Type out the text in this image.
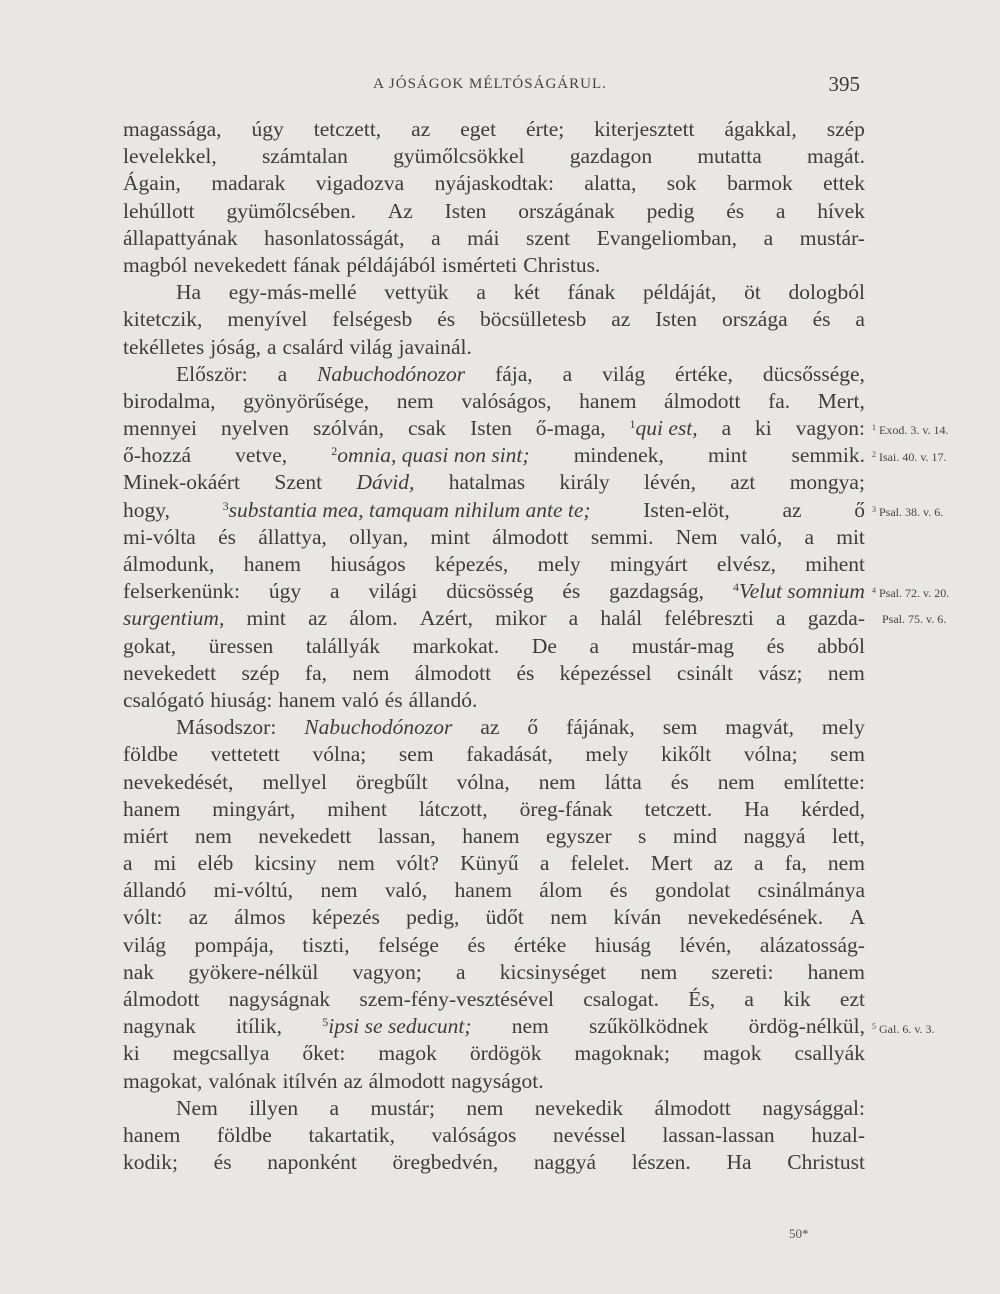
A JÓSÁGOK MÉLTÓSÁGÁRUL.	395
magassága, úgy tetczett, az eget érte; kiterjesztett ágakkal, szép
levelekkel, számtalan gyümőlcsökkel gazdagon mutatta magát.
Ágain, madarak vigadozva nyájaskodtak: alatta, sok barmok ettek
lehúllott gyümőlcsében. Az Isten országának pedig és a hívek
állapattyának hasonlatosságát, a mái szent Evangeliomban, a mustár-
magból nevekedett fának példájából ismérteti Christus.
Ha egy-más-mellé vettyük a két fának példáját, öt dologból
kitetczik, menyível felségesb és böcsülletesb az Isten országa és a
tekélletes jóság, a csalárd világ javainál.
Először: a Nabuchodónozor fája, a világ értéke, dücsőssége,
birodalma, gyönyörűsége, nem valóságos, hanem álmodott fa. Mert,
mennyei nyelven szólván, csak Isten ő-maga, $^1$qui est, a ki vagyon:
ő-hozzá vetve,	$^2$omnia, quasi non sint; mindenek, mint semmik.
Minek-okáért Szent Dávid, hatalmas király lévén, azt mongya;
hogy,	$^3$substantia mea, tamquam nihilum ante te; Isten-elöt, az ő
mi-vólta és állattya, ollyan, mint álmodott semmi. Nem való, a mit
álmodunk, hanem hiuságos képezés, mely mingyárt elvész, mihent
felserkenünk: úgy a világi dücsösség és gazdagság, $^4$Velut somnium
surgentium, mint az álom. Azért, mikor a halál felébreszti a gazda-
gokat, üressen talállyák markokat. De a mustár-mag és abból
nevekedett szép fa, nem álmodott és képezéssel csinált vász; nem
csalógató hiuság: hanem való és állandó.
Másodszor: Nabuchodónozor az ő fájának, sem magvát, mely
földbe vettetett vólna; sem fakadását, mely kikőlt vólna; sem
nevekedését, mellyel öregbűlt vólna, nem látta és nem említette:
hanem mingyárt, mihent látczott, öreg-fának tetczett. Ha kérded,
miért nem nevekedett lassan, hanem egyszer s mind naggyá lett,
a mi eléb kicsiny nem vólt? Künyű a felelet. Mert az a fa, nem
állandó mi-vóltú, nem való, hanem álom és gondolat csinálmánya
vólt: az álmos képezés pedig, üdőt nem kíván nevekedésének. A
világ pompája, tiszti, felsége és értéke hiuság lévén, alázatosság-
nak gyökere-nélkül vagyon; a kicsinységet nem szereti: hanem
álmodott nagyságnak szem-fény-vesztésével csalogat. És, a kik ezt
nagynak itílik,	$^5$ipsi se seducunt; nem szűkölködnek ördög-nélkül,
ki megcsallya őket: magok ördögök magoknak; magok csallyák
magokat, valónak itílvén az álmodott nagyságot.
Nem illyen a mustár; nem nevekedik álmodott nagysággal:
hanem földbe takartatik, valóságos nevéssel lassan-lassan huzal-
kodik; és naponként öregbedvén, naggyá lészen. Ha Christust
$^1$ Exod. 3. v. 14.
$^2$ Isai. 40. v. 17.
$^3$ Psal. 38. v. 6.
$^4$ Psal. 72. v. 20.
Psal. 75. v. 6.
$^5$ Gal. 6. v. 3.
50*
